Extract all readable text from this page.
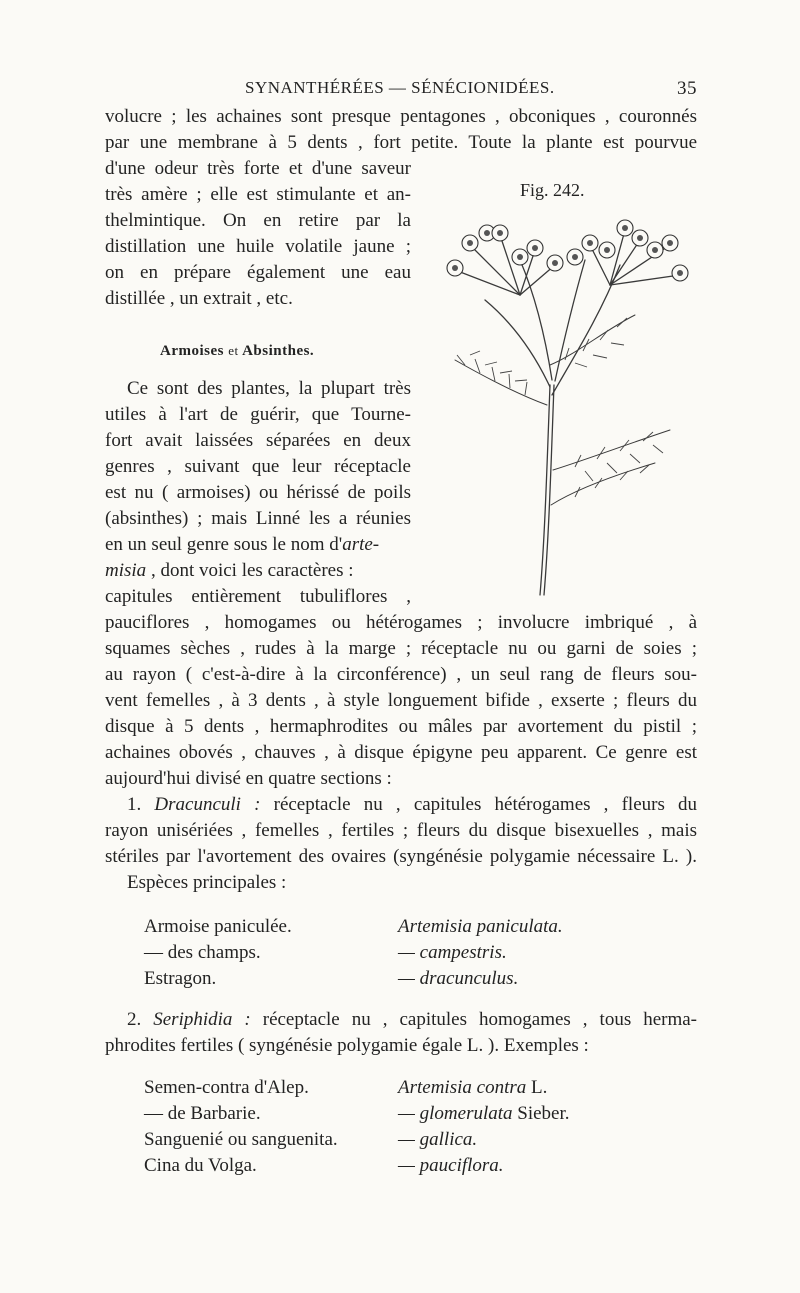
SYNANTHÉRÉES — SÉNÉCIONIDÉES.	35
volucre ; les achaines sont presque pentagones , obconiques , couronnés
par une membrane à 5 dents , fort petite. Toute la plante est pourvue
d'une odeur très forte et d'une saveur
très amère ; elle est stimulante et an-
thelmintique. On en retire par la
distillation une huile volatile jaune ;
on en prépare également une eau
distillée , un extrait , etc.
Fig. 242.
Armoises et Absinthes.
Ce sont des plantes, la plupart très
utiles à l'art de guérir, que Tourne-
fort avait laissées séparées en deux
genres , suivant que leur réceptacle
est nu ( armoises) ou hérissé de poils
(absinthes) ; mais Linné les a réunies
en un seul genre sous le nom d'arte-
misia , dont voici les caractères :
capitules entièrement tubuliflores ,
pauciflores , homogames ou hétérogames ; involucre imbriqué , à
squames sèches , rudes à la marge ; réceptacle nu ou garni de soies ;
au rayon ( c'est-à-dire à la circonférence) , un seul rang de fleurs sou-
vent femelles , à 3 dents , à style longuement bifide , exserte ; fleurs du
disque à 5 dents , hermaphrodites ou mâles par avortement du pistil ;
achaines obovés , chauves , à disque épigyne peu apparent. Ce genre est
aujourd'hui divisé en quatre sections :
1. Dracunculi : réceptacle nu , capitules hétérogames , fleurs du
rayon unisériées , femelles , fertiles ; fleurs du disque bisexuelles , mais
stériles par l'avortement des ovaires (syngénésie polygamie nécessaire L. ).
Espèces principales :
Armoise paniculée.	Artemisia paniculata.
— des champs.	— campestris.
Estragon.	— dracunculus.
2. Seriphidia : réceptacle nu , capitules homogames , tous herma-
phrodites fertiles ( syngénésie polygamie égale L. ). Exemples :
Semen-contra d'Alep.	Artemisia contra L.
— de Barbarie.	— glomerulata Sieber.
Sanguenié ou sanguenita.	— gallica.
Cina du Volga.	— pauciflora.
